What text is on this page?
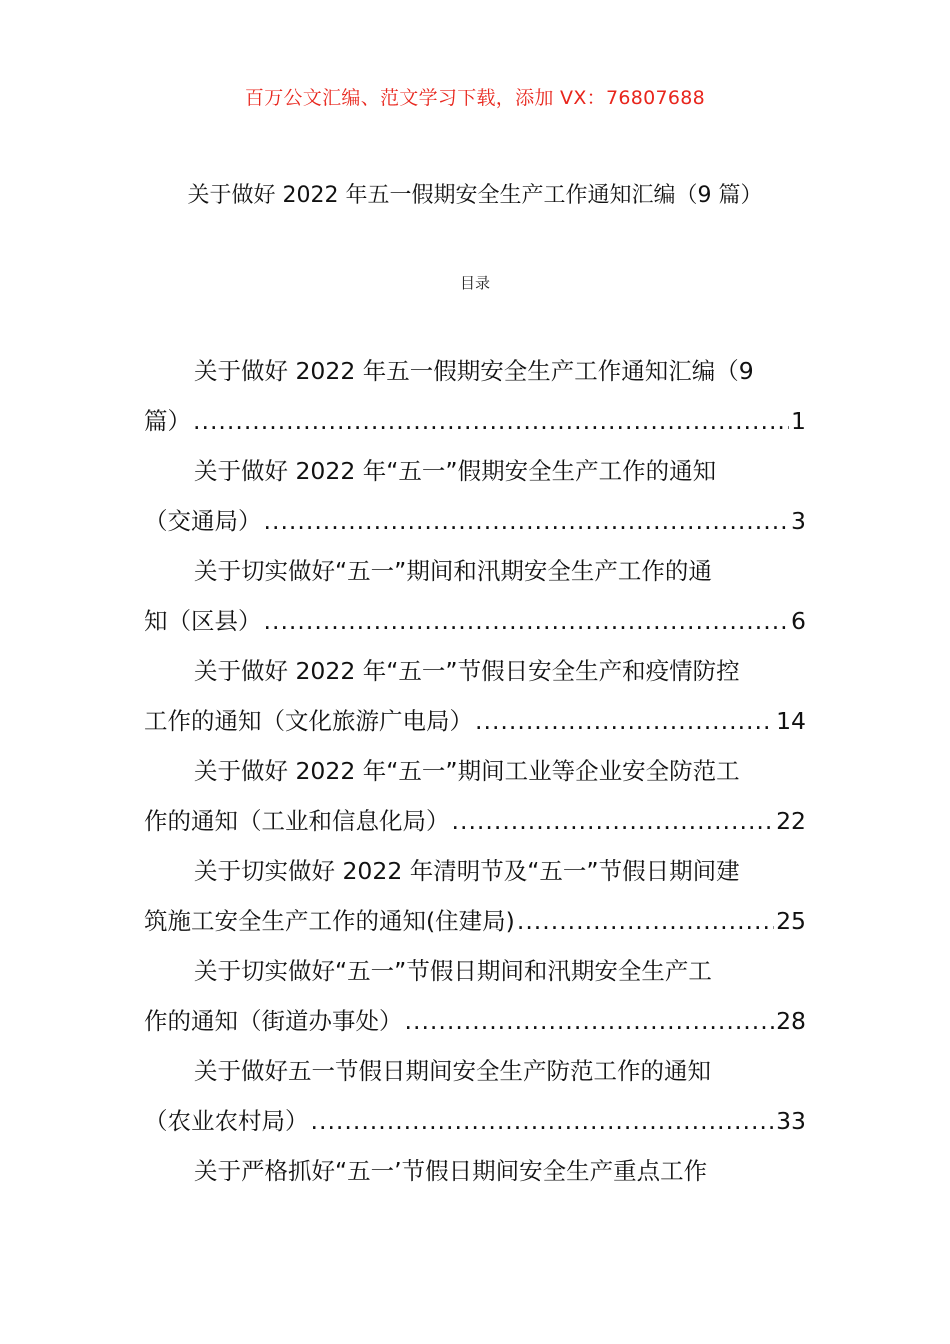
百万公文汇编、范文学习下载，添加 VX：76807688
关于做好 2022 年五一假期安全生产工作通知汇编（9 篇）
目录
关于做好 2022 年五一假期安全生产工作通知汇编（9
篇） .....	1
关于做好 2022 年“五一”假期安全生产工作的通知
（交通局） .....	3
关于切实做好“五一”期间和汛期安全生产工作的通
知（区县） .....	6
关于做好 2022 年“五一”节假日安全生产和疫情防控
工作的通知（文化旅游广电局） .....	14
关于做好 2022 年“五一”期间工业等企业安全防范工
作的通知（工业和信息化局） .....	22
关于切实做好 2022 年清明节及“五一”节假日期间建
筑施工安全生产工作的通知(住建局) .....	25
关于切实做好“五一”节假日期间和汛期安全生产工
作的通知（街道办事处） .....	28
关于做好五一节假日期间安全生产防范工作的通知
（农业农村局） .....	33
关于严格抓好“五一’节假日期间安全生产重点工作
